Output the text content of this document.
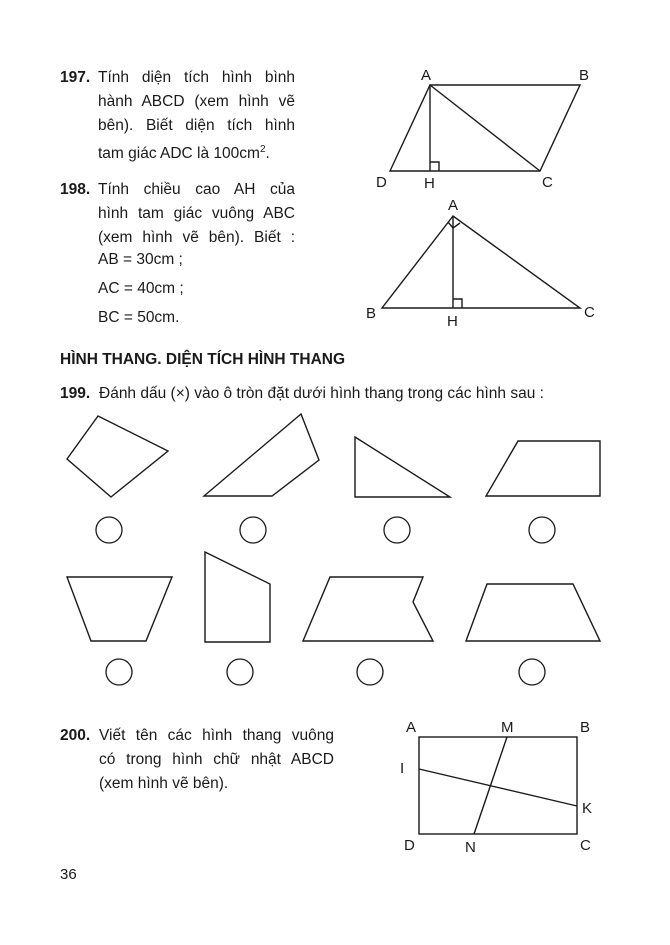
197. Tính diện tích hình bình
hành ABCD (xem hình vẽ
bên). Biết diện tích hình
tam giác ADC là $100cm^2$.
198. Tính chiều cao AH của
hình tam giác vuông ABC
(xem hình vẽ bên). Biết :
AB = 30cm ;
AC = 40cm ;
BC = 50cm.
HÌNH THANG. DIỆN TÍCH HÌNH THANG
199. Đánh dấu (×) vào ô tròn đặt dưới hình thang trong các hình sau :
200. Viết tên các hình thang vuông
có trong hình chữ nhật ABCD
(xem hình vẽ bên).
A	B
C
D H
A
B	C
H
A	M	B
I
K
D	N	C
36
